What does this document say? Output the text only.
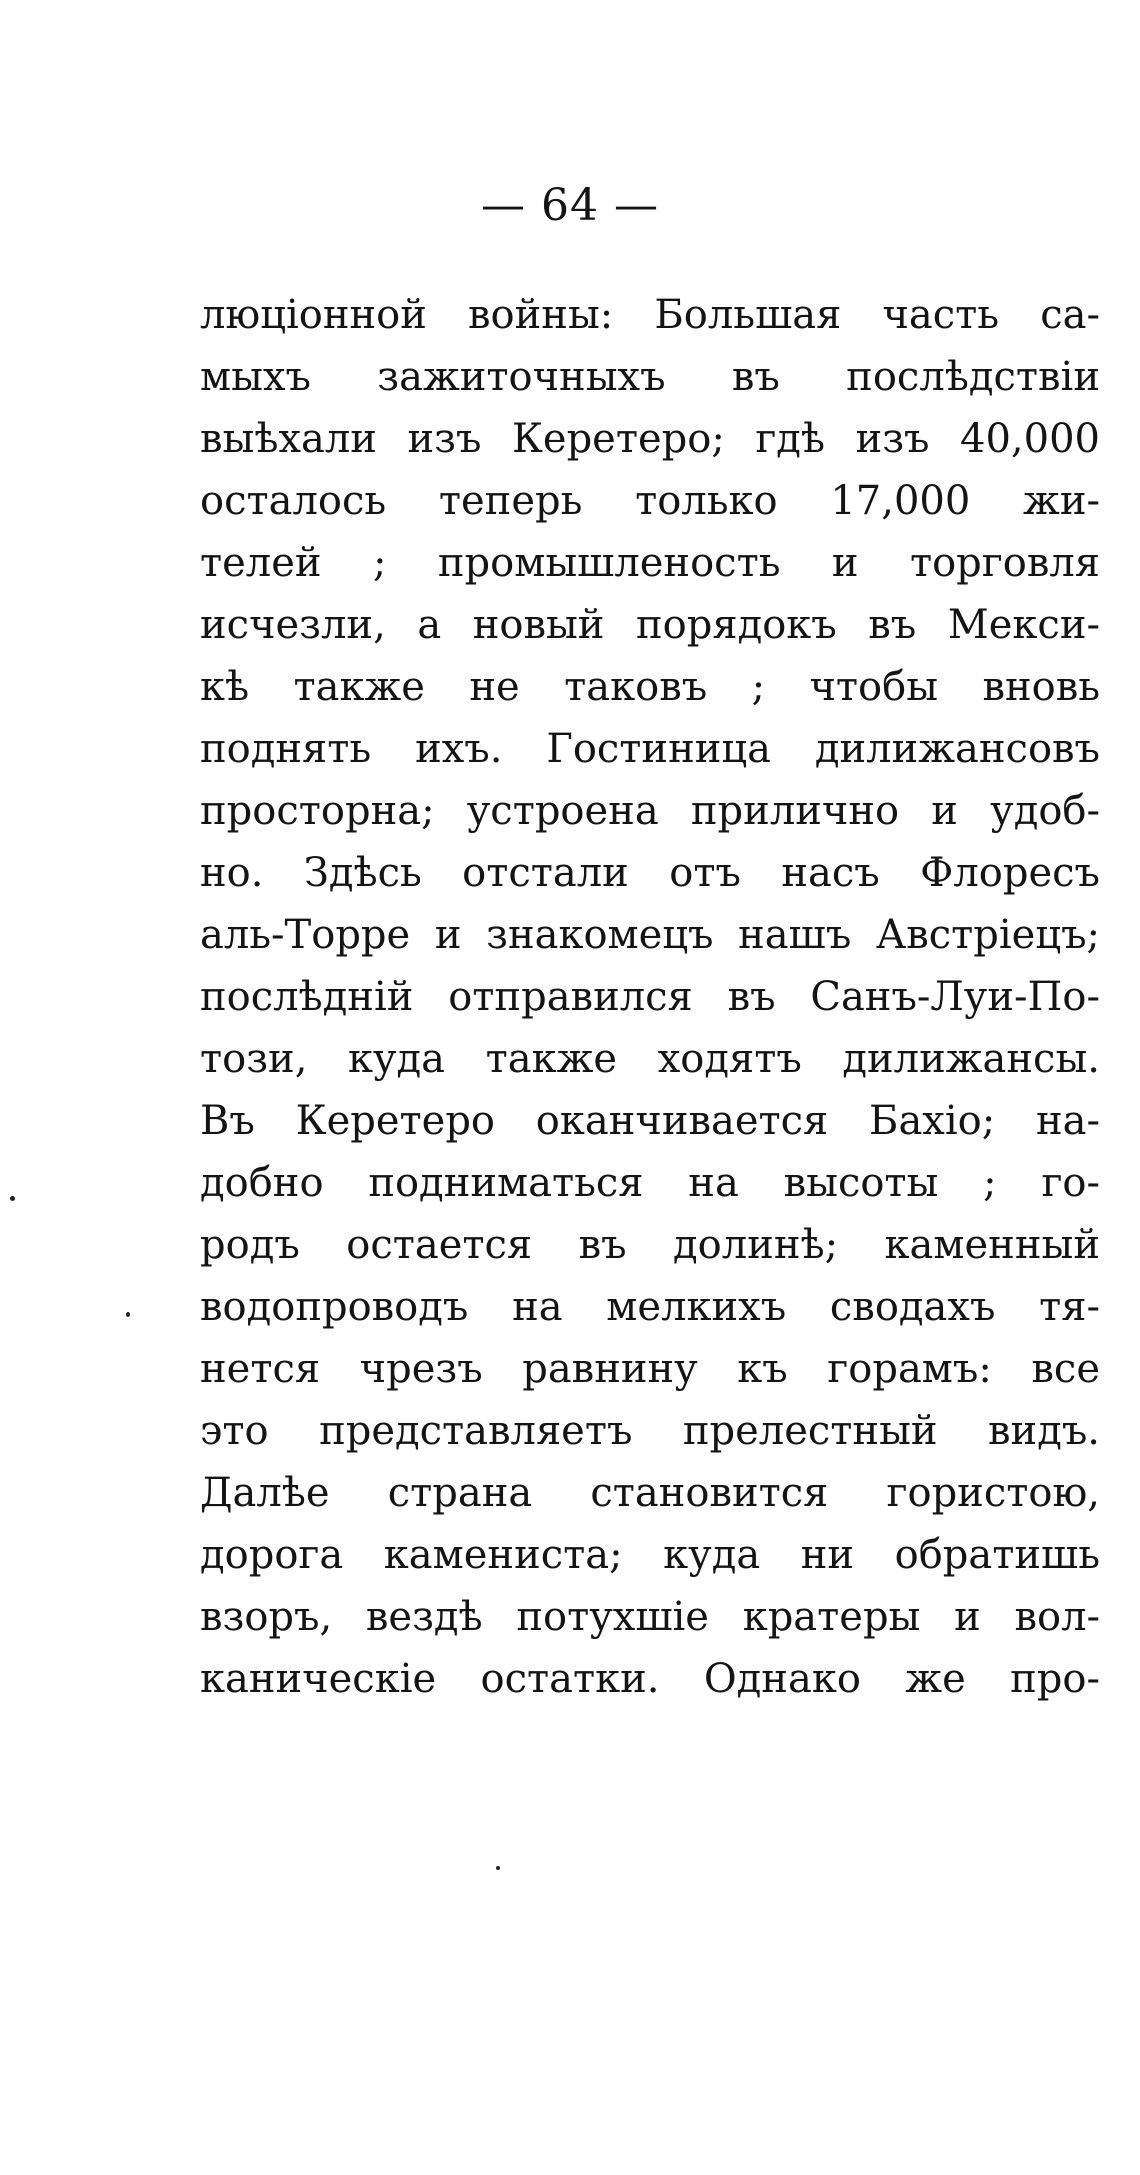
— 64 —
люціонной войны: Большая часть са-
мыхъ зажиточныхъ въ послѣдствіи
выѣхали изъ Керетеро; гдѣ изъ 40,000
осталось теперь только 17,000 жи-
телей ; промышленость и торговля
исчезли, а новый порядокъ въ Мекси-
кѣ также не таковъ ; чтобы вновь
поднять ихъ. Гостиница дилижансовъ
просторна; устроена прилично и удоб-
но. Здѣсь отстали отъ насъ Флоресъ
аль-Торре и знакомецъ нашъ Австріецъ;
послѣдній отправился въ Санъ-Луи-По-
този, куда также ходятъ дилижансы.
Въ Керетеро оканчивается Бахіо; на-
добно подниматься на высоты ; го-
родъ остается въ долинѣ; каменный
водопроводъ на мелкихъ сводахъ тя-
нется чрезъ равнину къ горамъ: все
это представляетъ прелестный видъ.
Далѣе страна становится гористою,
дорога камениста; куда ни обратишь
взоръ, вездѣ потухшіе кратеры и вол-
каническіе остатки. Однако же про-
